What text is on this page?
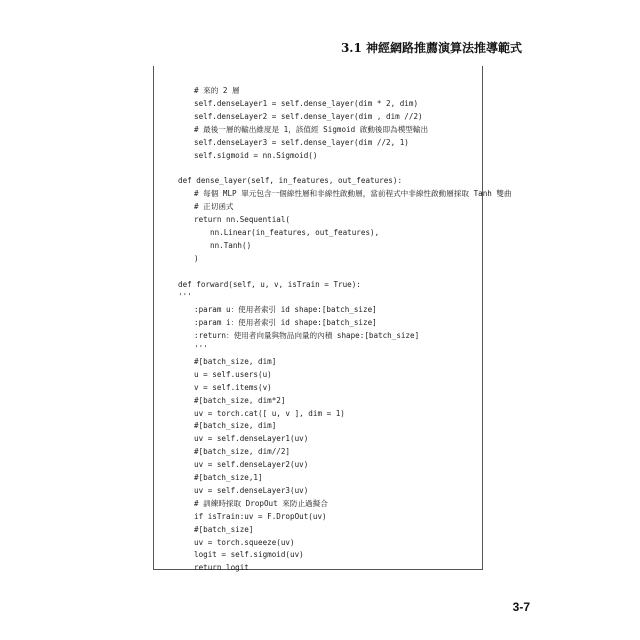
3.1 神經網路推薦演算法推導範式
# 來的 2 層
self.denseLayer1 = self.dense_layer(dim * 2, dim)
self.denseLayer2 = self.dense_layer(dim , dim //2)
# 最後一層的輸出維度是 1，該值經 Sigmoid 啟動後即為模型輸出
self.denseLayer3 = self.dense_layer(dim //2, 1)
self.sigmoid = nn.Sigmoid()
def dense_layer(self, in_features, out_features):
# 每個 MLP 單元包含一個線性層和非線性啟動層，當前程式中非線性啟動層採取 Tanh 雙曲
# 正切函式
return nn.Sequential(
nn.Linear(in_features, out_features),
nn.Tanh()
)
def forward(self, u, v, isTrain = True):
'''
:param u：使用者索引 id shape:[batch_size]
:param i：使用者索引 id shape:[batch_size]
:return：使用者向量與物品向量的內積 shape:[batch_size]
'''
#[batch_size, dim]
u = self.users(u)
v = self.items(v)
#[batch_size, dim*2]
uv = torch.cat([ u, v ], dim = 1)
#[batch_size, dim]
uv = self.denseLayer1(uv)
#[batch_size, dim//2]
uv = self.denseLayer2(uv)
#[batch_size,1]
uv = self.denseLayer3(uv)
# 訓練時採取 DropOut 來防止過擬合
if isTrain:uv = F.DropOut(uv)
#[batch_size]
uv = torch.squeeze(uv)
logit = self.sigmoid(uv)
return logit
3-7
